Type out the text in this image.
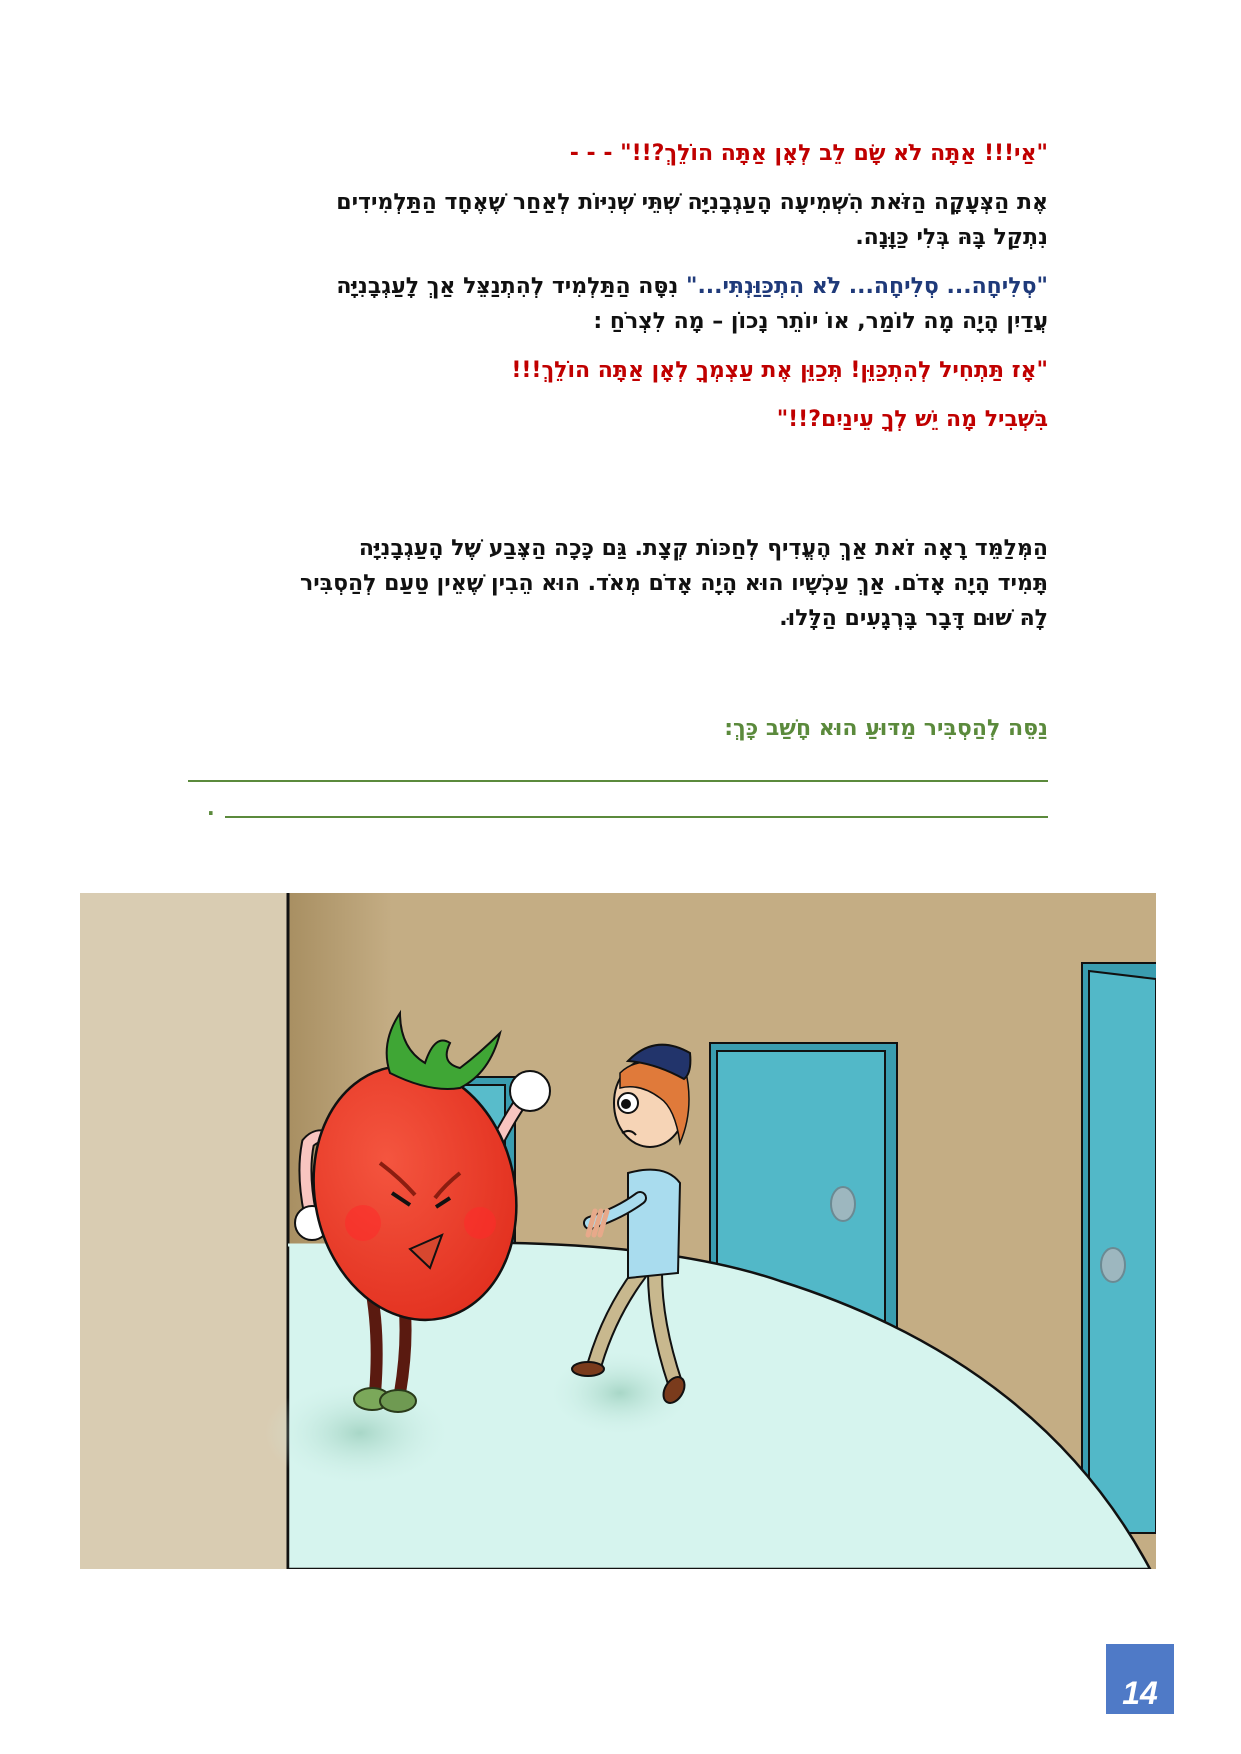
"אַי!!! אַתָּה לֹא שָׂם לֵב לְאָן אַתָּה הוֹלֵךְ?!!" - - -

אֶת הַצְּעָקָה הַזֹּאת הִשְׁמִיעָה הָעַגְבָנִיָּה שְׁתֵּי שְׁנִיּוֹת לְאַחַר שֶׁאֶחָד הַתַּלְמִידִים
נִתְקַל בָּהּ בְּלִי כַּוָּנָה.

"סְלִיחָה... סְלִיחָה... לֹא הִתְכַּוַּנְתִּי..." נִסָּה הַתַּלְמִיד לְהִתְנַצֵּל אַךְ לָעַגְבָנִיָּה
עֲדַיִן הָיָה מָה לוֹמַר, אוֹ יוֹתֵר נָכוֹן – מָה לִצְרֹחַ :

"אָז תַּתְחִיל לְהִתְכַּוֵּן! תְּכַוֵּן אֶת עַצְמְךָ לְאָן אַתָּה הוֹלֵךְ!!!

בִּשְׁבִיל מָה יֵשׁ לְךָ עֵינַיִם?!!"

הַמְּלַמֵּד רָאָה זֹאת אַךְ הֶעֱדִיף לְחַכּוֹת קְצָת. גַּם כָּכָה הַצֶּבַע שֶׁל הָעַגְבָנִיָּה
תָּמִיד הָיָה אָדֹם. אַךְ עַכְשָׁיו הוּא הָיָה אָדֹם מְאֹד. הוּא הֵבִין שֶׁאֵין טַעַם לְהַסְבִּיר
לָהּ שׁוּם דָּבָר בָּרְגָעִים הַלָּלוּ.
נַסֵּה לְהַסְבִּיר מַדּוּעַ הוּא חָשַׁב כָּךְ:
.
14
